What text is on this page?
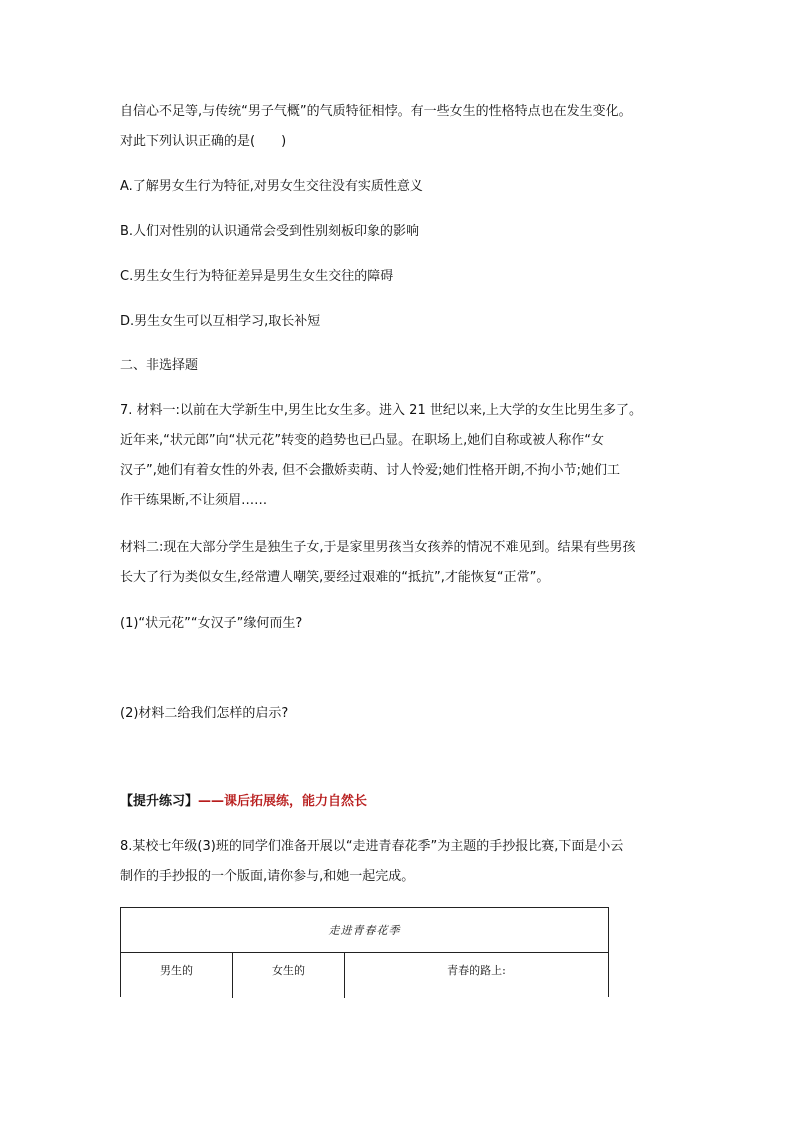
自信心不足等,与传统“男子气概”的气质特征相悖。有一些女生的性格特点也在发生变化。
对此下列认识正确的是(　　)
A.了解男女生行为特征,对男女生交往没有实质性意义
B.人们对性别的认识通常会受到性别刻板印象的影响
C.男生女生行为特征差异是男生女生交往的障碍
D.男生女生可以互相学习,取长补短
二、非选择题
7. 材料一:以前在大学新生中,男生比女生多。进入 21 世纪以来,上大学的女生比男生多了。
近年来,“状元郎”向“状元花”转变的趋势也已凸显。在职场上,她们自称或被人称作“女
汉子”,她们有着女性的外表, 但不会撒娇卖萌、讨人怜爱;她们性格开朗,不拘小节;她们工
作干练果断,不让须眉……
材料二:现在大部分学生是独生子女,于是家里男孩当女孩养的情况不难见到。结果有些男孩
长大了行为类似女生,经常遭人嘲笑,要经过艰难的“抵抗”,才能恢复“正常”。
(1)“状元花”“女汉子”缘何而生?
(2)材料二给我们怎样的启示?
【提升练习】——课后拓展练，能力自然长
8.某校七年级(3)班的同学们准备开展以“走进青春花季”为主题的手抄报比赛,下面是小云
制作的手抄报的一个版面,请你参与,和她一起完成。
走进青春花季
男生的	女生的	青春的路上:
